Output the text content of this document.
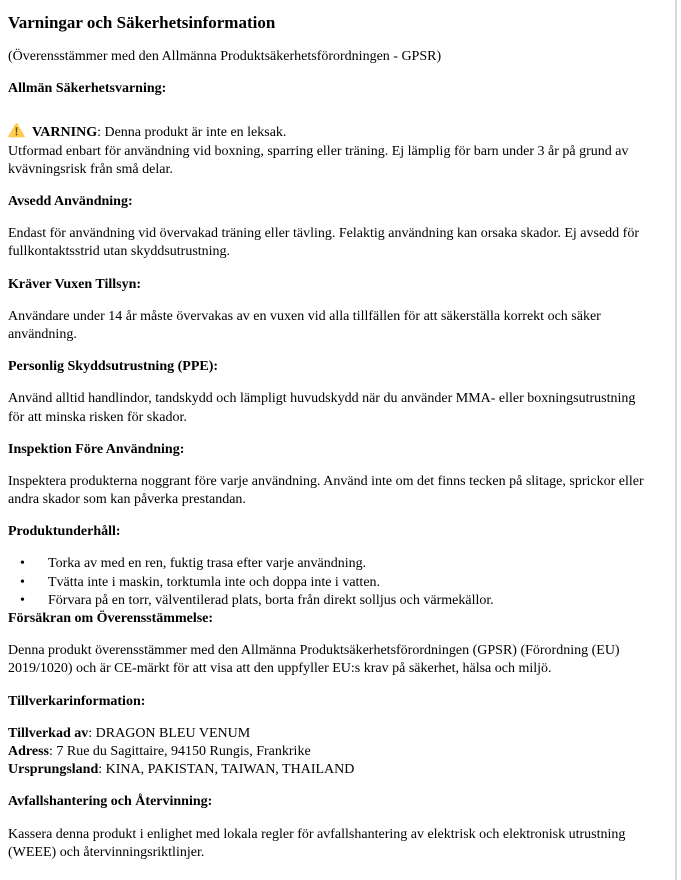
Varningar och Säkerhetsinformation

(Överensstämmer med den Allmänna Produktsäkerhetsförordningen - GPSR)

Allmän Säkerhetsvarning:
VARNING: Denna produkt är inte en leksak.
Utformad enbart för användning vid boxning, sparring eller träning. Ej lämplig för barn under 3 år på grund av kvävningsrisk från små delar.
Avsedd Användning:

Endast för användning vid övervakad träning eller tävling. Felaktig användning kan orsaka skador. Ej avsedd för fullkontaktsstrid utan skyddsutrustning.

Kräver Vuxen Tillsyn:

Användare under 14 år måste övervakas av en vuxen vid alla tillfällen för att säkerställa korrekt och säker användning.

Personlig Skyddsutrustning (PPE):

Använd alltid handlindor, tandskydd och lämpligt huvudskydd när du använder MMA- eller boxningsutrustning för att minska risken för skador.

Inspektion Före Användning:

Inspektera produkterna noggrant före varje användning. Använd inte om det finns tecken på slitage, sprickor eller andra skador som kan påverka prestandan.

Produktunderhåll:
• Torka av med en ren, fuktig trasa efter varje användning.
• Tvätta inte i maskin, torktumla inte och doppa inte i vatten.
• Förvara på en torr, välventilerad plats, borta från direkt solljus och värmekällor.
Försäkran om Överensstämmelse:

Denna produkt överensstämmer med den Allmänna Produktsäkerhetsförordningen (GPSR) (Förordning (EU) 2019/1020) och är CE-märkt för att visa att den uppfyller EU:s krav på säkerhet, hälsa och miljö.

Tillverkarinformation:
Tillverkad av: DRAGON BLEU VENUM
Adress: 7 Rue du Sagittaire, 94150 Rungis, Frankrike
Ursprungsland: KINA, PAKISTAN, TAIWAN, THAILAND
Avfallshantering och Återvinning:

Kassera denna produkt i enlighet med lokala regler för avfallshantering av elektrisk och elektronisk utrustning (WEEE) och återvinningsriktlinjer.
